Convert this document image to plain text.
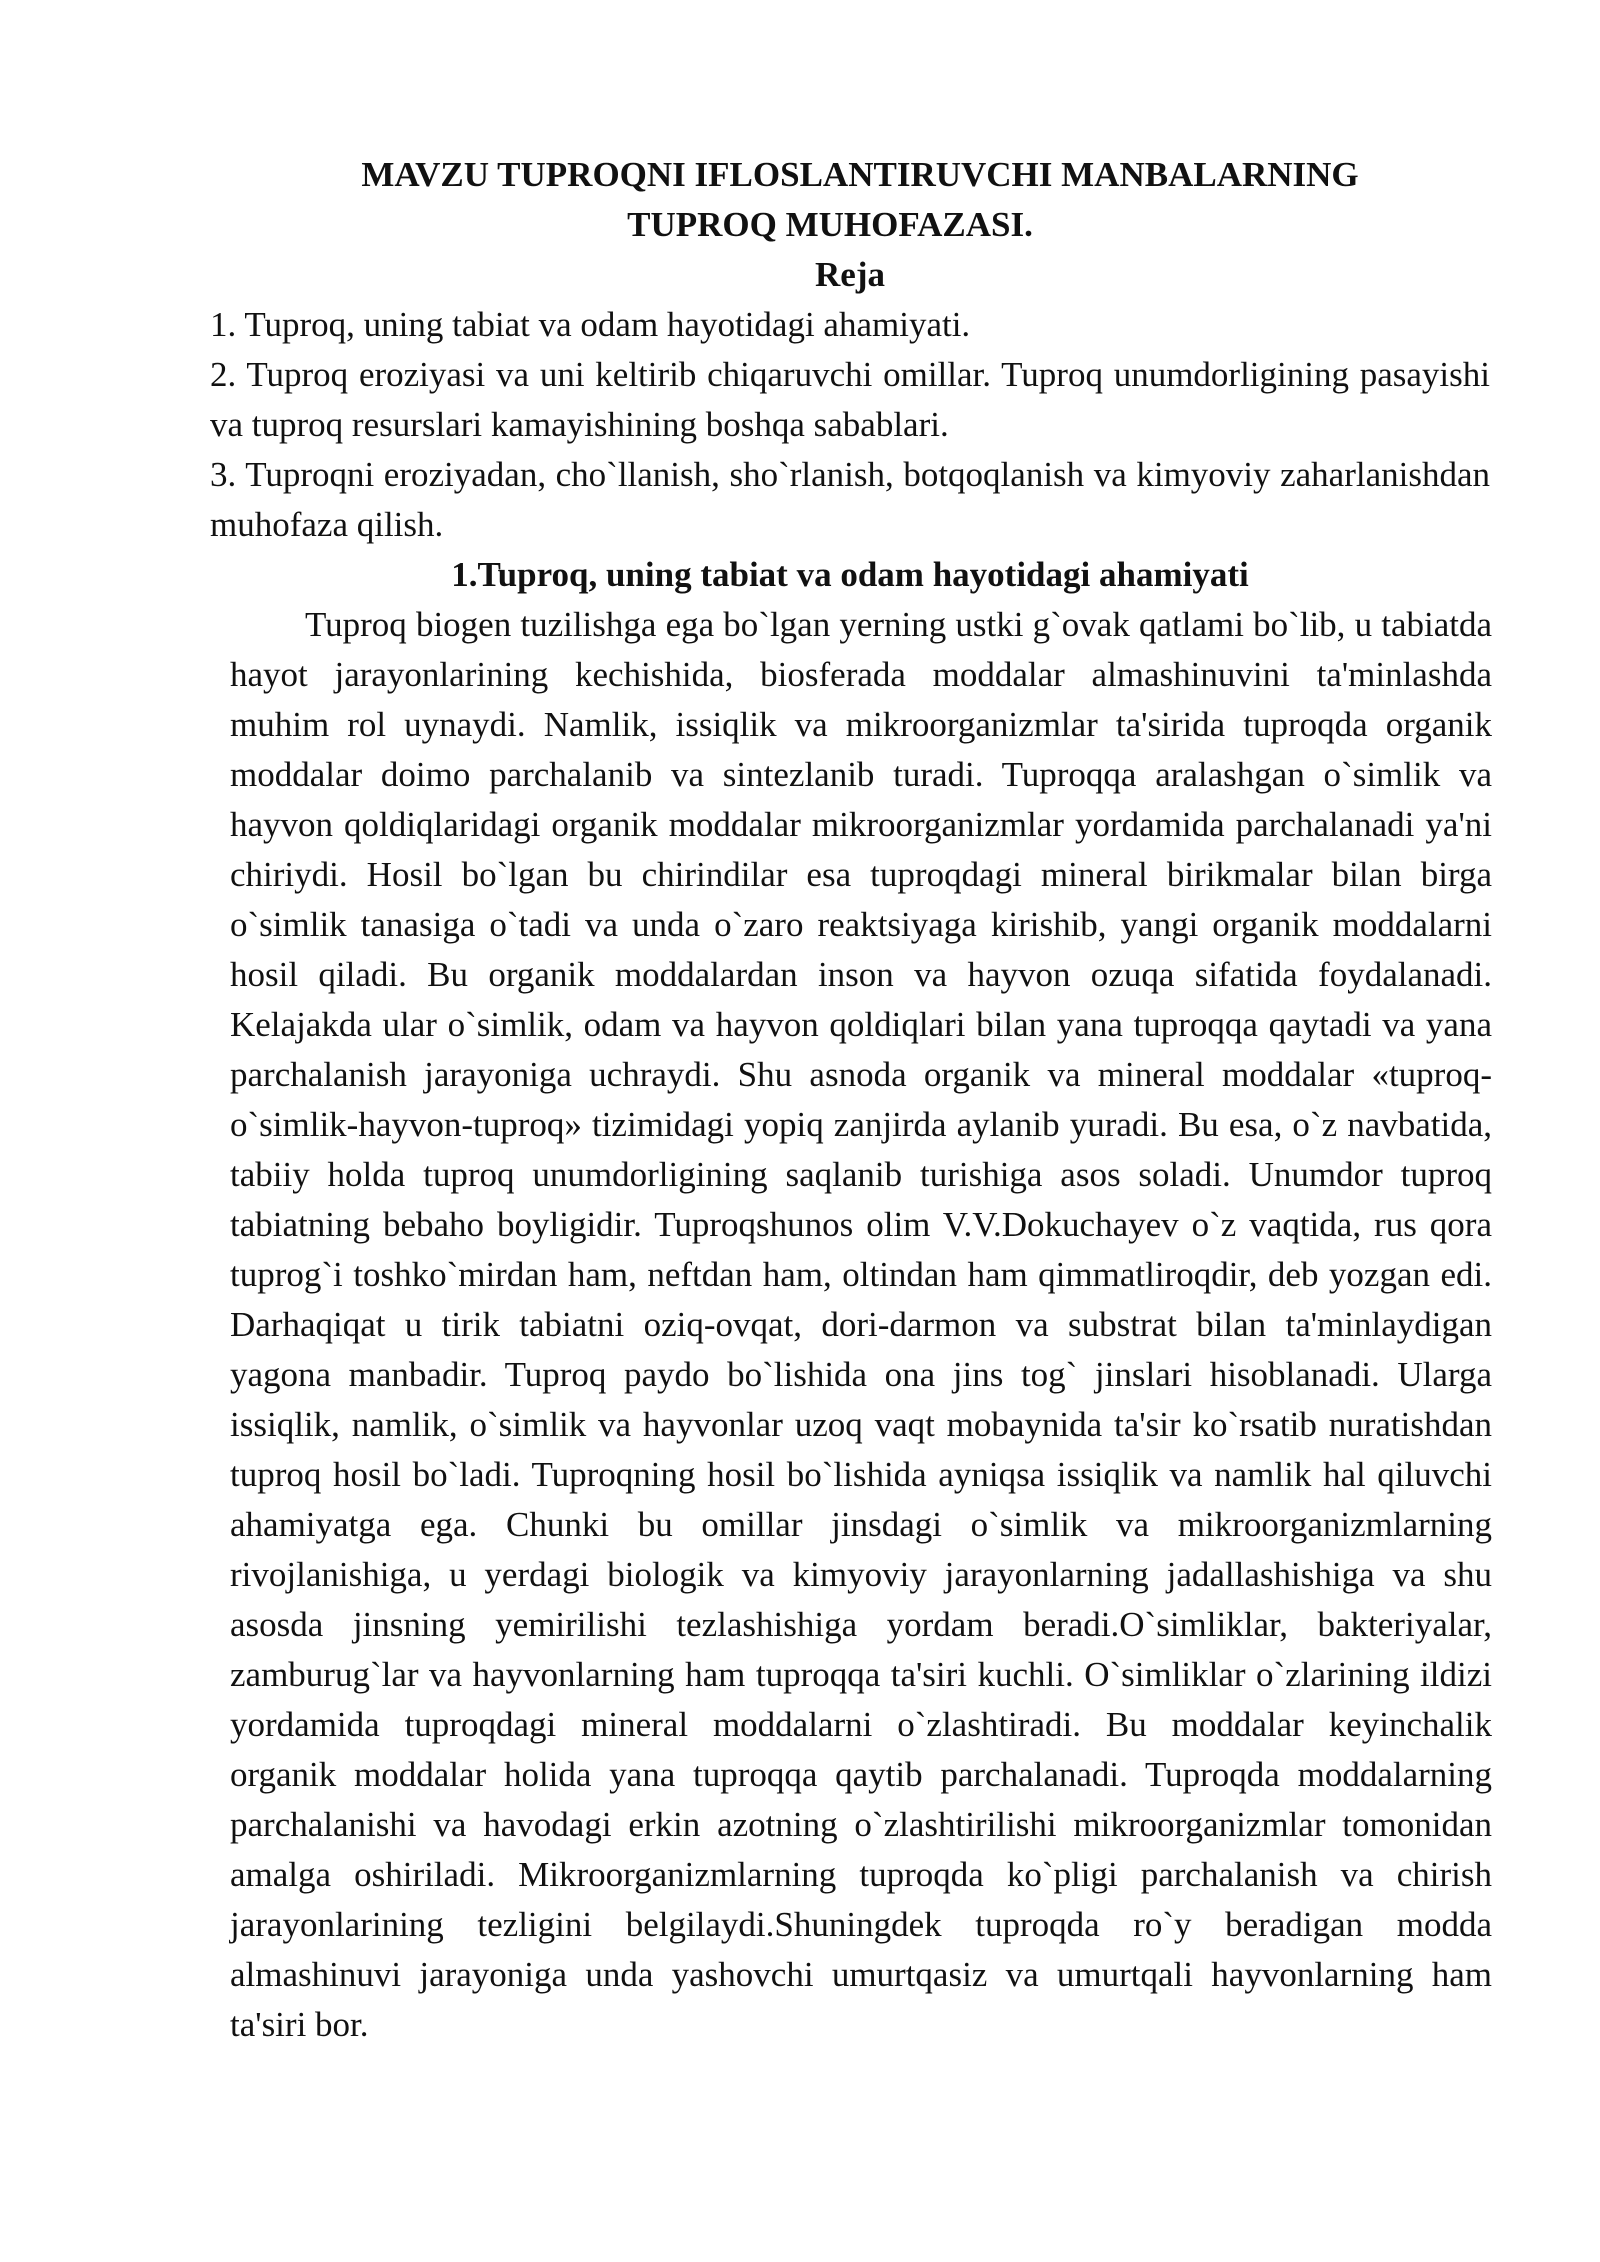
MAVZU TUPROQNI IFLOSLANTIRUVCHI MANBALARNING
TUPROQ MUHOFAZASI.
Reja

1. Tuproq, uning tabiat va odam hayotidagi ahamiyati.

2. Tuproq eroziyasi va uni keltirib chiqaruvchi omillar. Tuproq unumdorligining pasayishi va tuproq resurslari kamayishining boshqa sabablari.

3. Tuproqni eroziyadan, cho`llanish, sho`rlanish, botqoqlanish va kimyoviy zaharlanishdan muhofaza qilish.

1.Tuproq, uning tabiat va odam hayotidagi ahamiyati

Tuproq biogen tuzilishga ega bo`lgan yerning ustki g`ovak qatlami bo`lib, u tabiatda hayot jarayonlarining kechishida, biosferada moddalar almashinuvini ta'minlashda muhim rol uynaydi. Namlik, issiqlik va mikroorganizmlar ta'sirida tuproqda organik moddalar doimo parchalanib va sintezlanib turadi. Tuproqqa aralashgan o`simlik va hayvon qoldiqlaridagi organik moddalar mikroorganizmlar yordamida parchalanadi ya'ni chiriydi. Hosil bo`lgan bu chirindilar esa tuproqdagi mineral birikmalar bilan birga o`simlik tanasiga o`tadi va unda o`zaro reaktsiyaga kirishib, yangi organik moddalarni hosil qiladi. Bu organik moddalardan inson va hayvon ozuqa sifatida foydalanadi. Kelajakda ular o`simlik, odam va hayvon qoldiqlari bilan yana tuproqqa qaytadi va yana parchalanish jarayoniga uchraydi. Shu asnoda organik va mineral moddalar «tuproq-o`simlik-hayvon-tuproq» tizimidagi yopiq zanjirda aylanib yuradi. Bu esa, o`z navbatida, tabiiy holda tuproq unumdorligining saqlanib turishiga asos soladi. Unumdor tuproq tabiatning bebaho boyligidir. Tuproqshunos olim V.V.Dokuchayev o`z vaqtida, rus qora tuprog`i toshko`mirdan ham, neftdan ham, oltindan ham qimmatliroqdir, deb yozgan edi. Darhaqiqat u tirik tabiatni oziq-ovqat, dori-darmon va substrat bilan ta'minlaydigan yagona manbadir. Tuproq paydo bo`lishida ona jins tog` jinslari hisoblanadi. Ularga issiqlik, namlik, o`simlik va hayvonlar uzoq vaqt mobaynida ta'sir ko`rsatib nuratishdan tuproq hosil bo`ladi. Tuproqning hosil bo`lishida ayniqsa issiqlik va namlik hal qiluvchi ahamiyatga ega. Chunki bu omillar jinsdagi o`simlik va mikroorganizmlarning rivojlanishiga, u yerdagi biologik va kimyoviy jarayonlarning jadallashishiga va shu asosda jinsning yemirilishi tezlashishiga yordam beradi.O`simliklar, bakteriyalar, zamburug`lar va hayvonlarning ham tuproqqa ta'siri kuchli. O`simliklar o`zlarining ildizi yordamida tuproqdagi mineral moddalarni o`zlashtiradi. Bu moddalar keyinchalik organik moddalar holida yana tuproqqa qaytib parchalanadi. Tuproqda moddalarning parchalanishi va havodagi erkin azotning o`zlashtirilishi mikroorganizmlar tomonidan amalga oshiriladi. Mikroorganizmlarning tuproqda ko`pligi parchalanish va chirish jarayonlarining tezligini belgilaydi.Shuningdek tuproqda ro`y beradigan modda almashinuvi jarayoniga unda yashovchi umurtqasiz va umurtqali hayvonlarning ham ta'siri bor.
